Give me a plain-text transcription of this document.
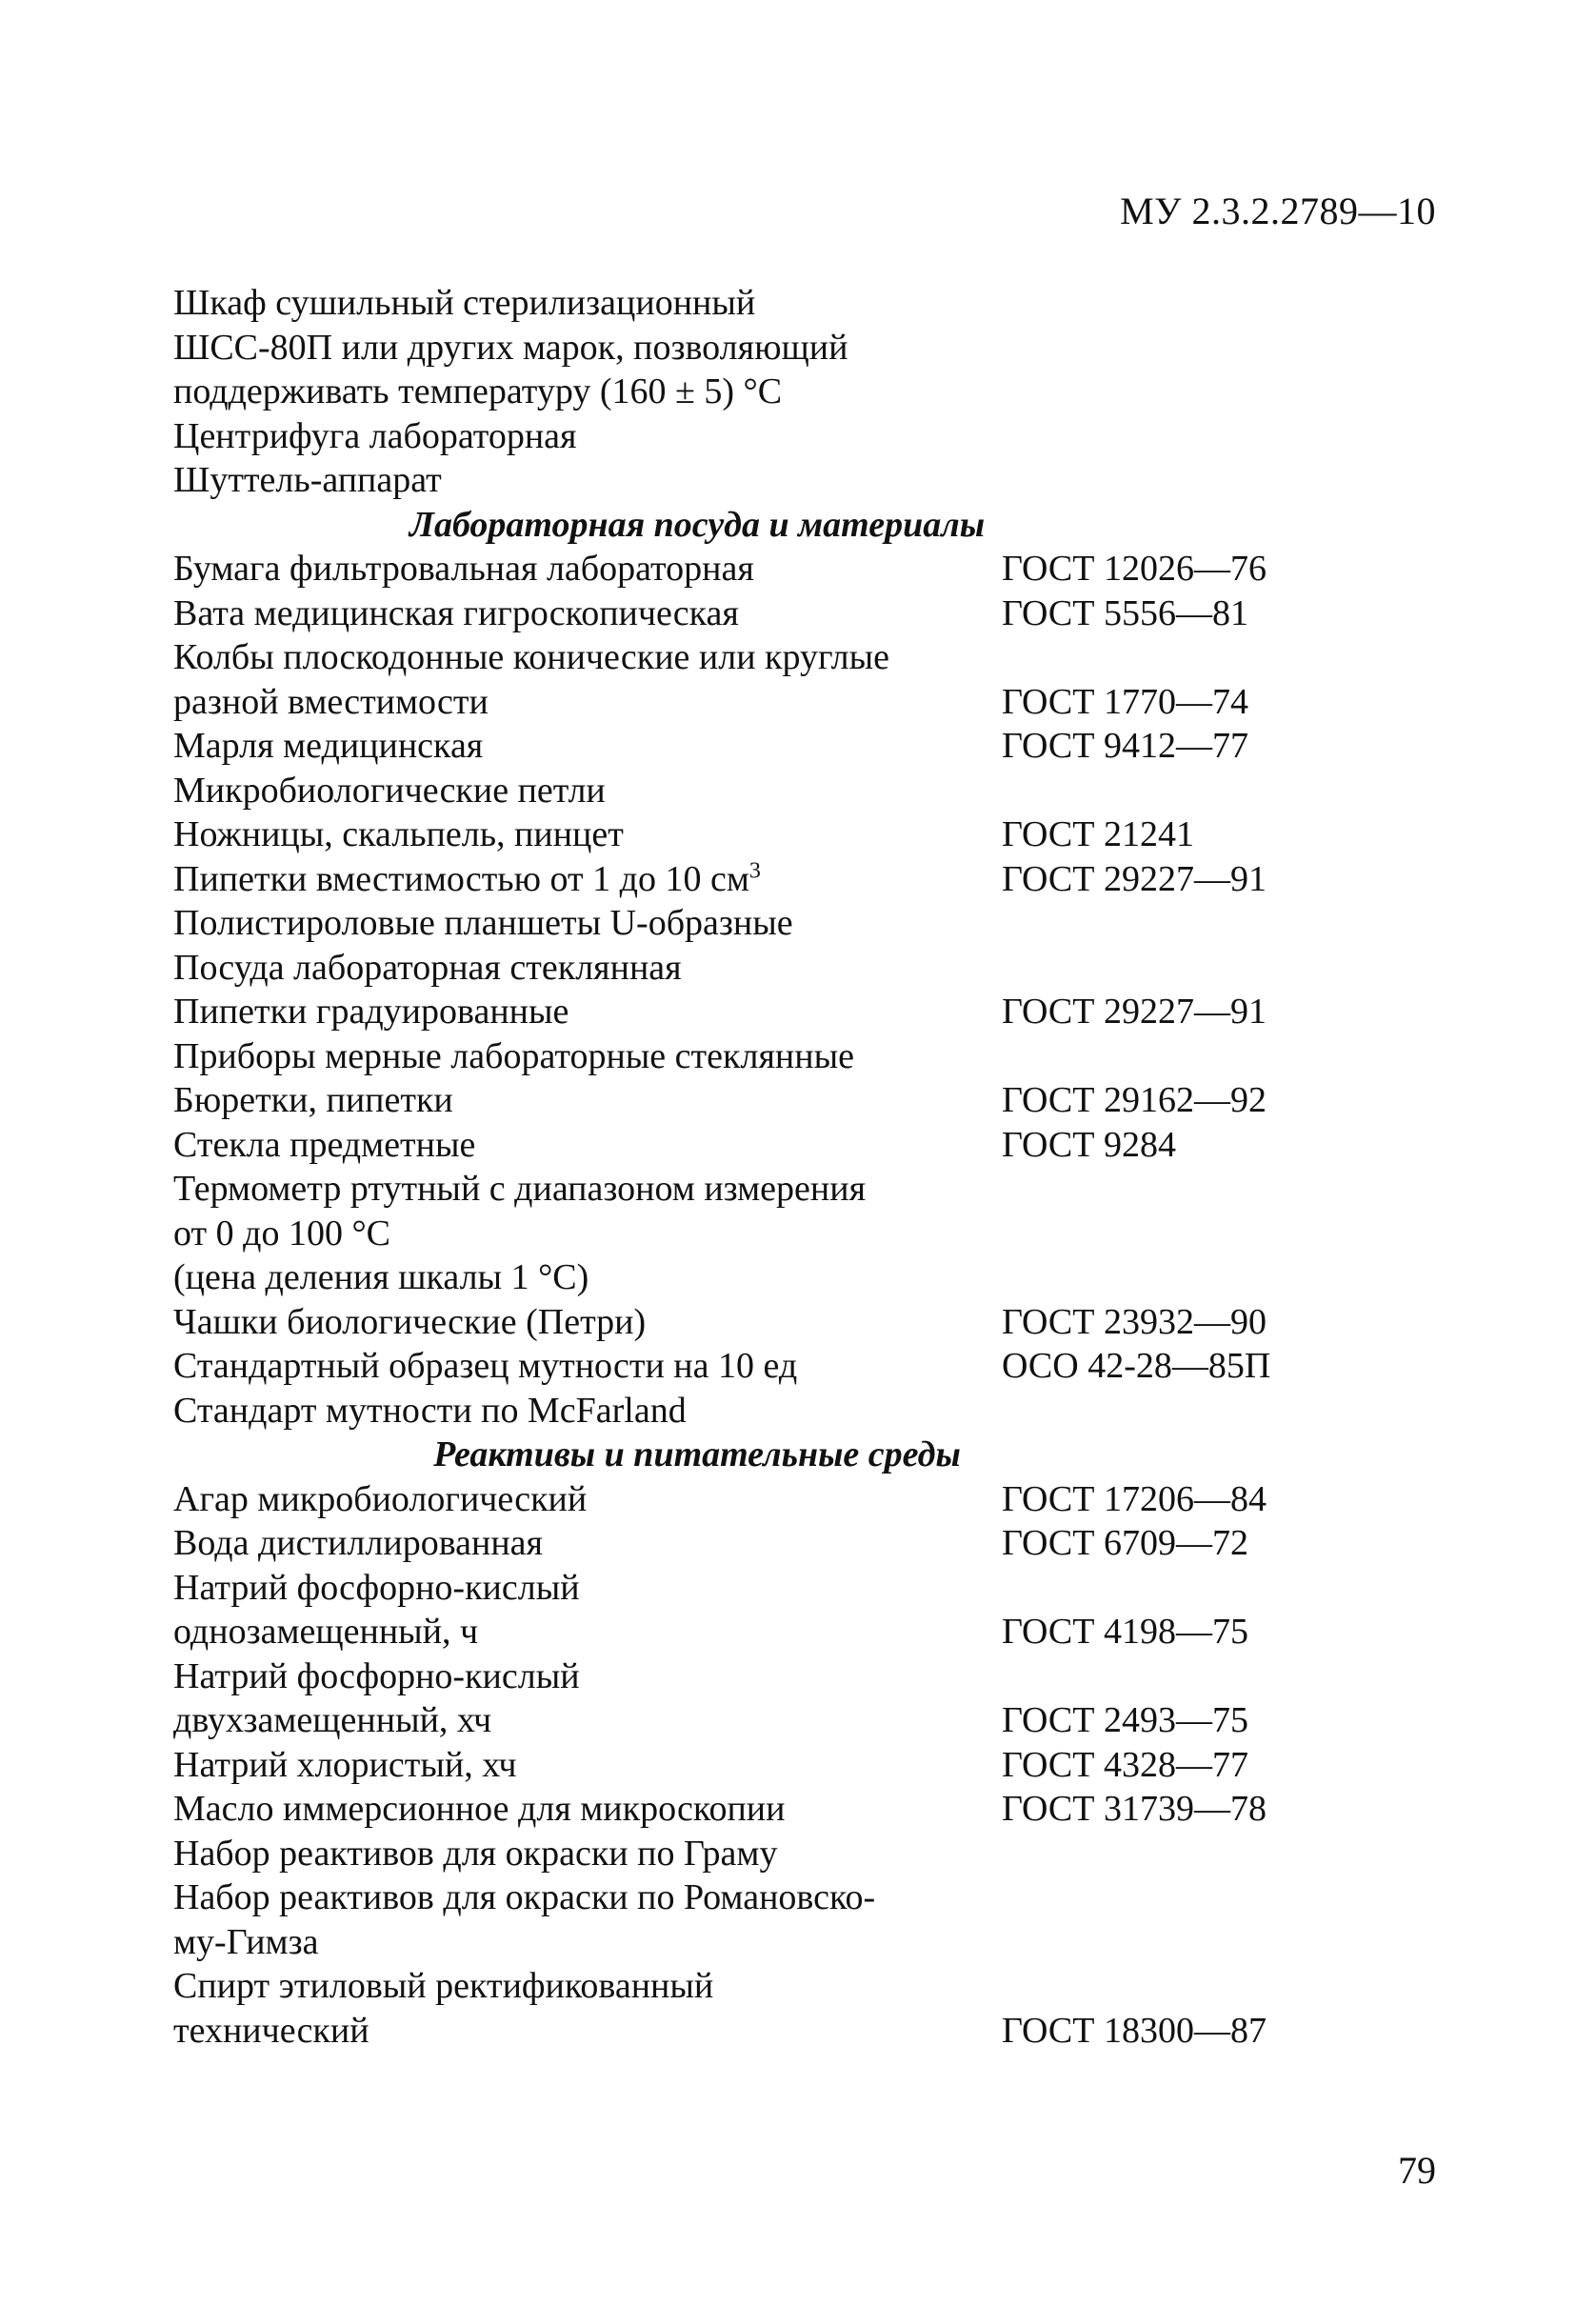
МУ 2.3.2.2789—10
Шкаф сушильный стерилизационный
ШСС-80П или других марок, позволяющий
поддерживать температуру (160 ± 5) °С
Центрифуга лабораторная
Шуттель-аппарат
Лабораторная посуда и материалы
Бумага фильтровальная лабораторная	ГОСТ 12026—76
Вата медицинская гигроскопическая	ГОСТ 5556—81
Колбы плоскодонные конические или круглые
разной вместимости	ГОСТ 1770—74
Марля медицинская	ГОСТ 9412—77
Микробиологические петли
Ножницы, скальпель, пинцет	ГОСТ 21241
Пипетки вместимостью от 1 до 10 $см^3$	ГОСТ 29227—91
Полистироловые планшеты U-образные
Посуда лабораторная стеклянная
Пипетки градуированные	ГОСТ 29227—91
Приборы мерные лабораторные стеклянные
Бюретки, пипетки	ГОСТ 29162—92
Стекла предметные	ГОСТ 9284
Термометр ртутный с диапазоном измерения
от 0 до 100 °С
(цена деления шкалы 1 °С)
Чашки биологические (Петри)	ГОСТ 23932—90
Стандартный образец мутности на 10 ед	ОСО 42-28—85П
Стандарт мутности по McFarland
Реактивы и питательные среды
Агар микробиологический	ГОСТ 17206—84
Вода дистиллированная	ГОСТ 6709—72
Натрий фосфорно-кислый
однозамещенный, ч	ГОСТ 4198—75
Натрий фосфорно-кислый
двухзамещенный, хч	ГОСТ 2493—75
Натрий хлористый, хч	ГОСТ 4328—77
Масло иммерсионное для микроскопии	ГОСТ 31739—78
Набор реактивов для окраски по Граму
Набор реактивов для окраски по Романовско-
му-Гимза
Спирт этиловый ректификованный
технический	ГОСТ 18300—87
79
